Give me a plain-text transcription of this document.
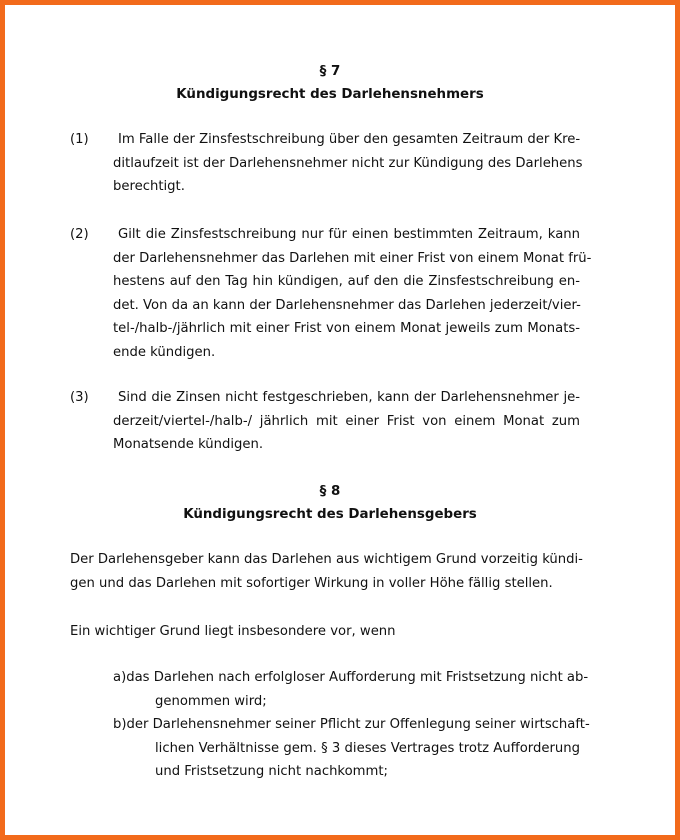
§ 7
Kündigungsrecht des Darlehensnehmers
(1)	Im Falle der Zinsfestschreibung über den gesamten Zeitraum der Kre-
ditlaufzeit ist der Darlehensnehmer nicht zur Kündigung des Darlehens
berechtigt.
(2)	Gilt die Zinsfestschreibung nur für einen bestimmten Zeitraum, kann
der Darlehensnehmer das Darlehen mit einer Frist von einem Monat frü-
hestens auf den Tag hin kündigen, auf den die Zinsfestschreibung en-
det. Von da an kann der Darlehensnehmer das Darlehen jederzeit/vier-
tel-/halb-/jährlich mit einer Frist von einem Monat jeweils zum Monats-
ende kündigen.
(3)	Sind die Zinsen nicht festgeschrieben, kann der Darlehensnehmer je-
derzeit/viertel-/halb-/ jährlich mit einer Frist von einem Monat zum
Monatsende kündigen.
§ 8
Kündigungsrecht des Darlehensgebers
Der Darlehensgeber kann das Darlehen aus wichtigem Grund vorzeitig kündi-
gen und das Darlehen mit sofortiger Wirkung in voller Höhe fällig stellen.
Ein wichtiger Grund liegt insbesondere vor, wenn
a)das Darlehen nach erfolgloser Aufforderung mit Fristsetzung nicht ab-
genommen wird;
b)der Darlehensnehmer seiner Pflicht zur Offenlegung seiner wirtschaft-
lichen Verhältnisse gem. § 3 dieses Vertrages trotz Aufforderung
und Fristsetzung nicht nachkommt;
